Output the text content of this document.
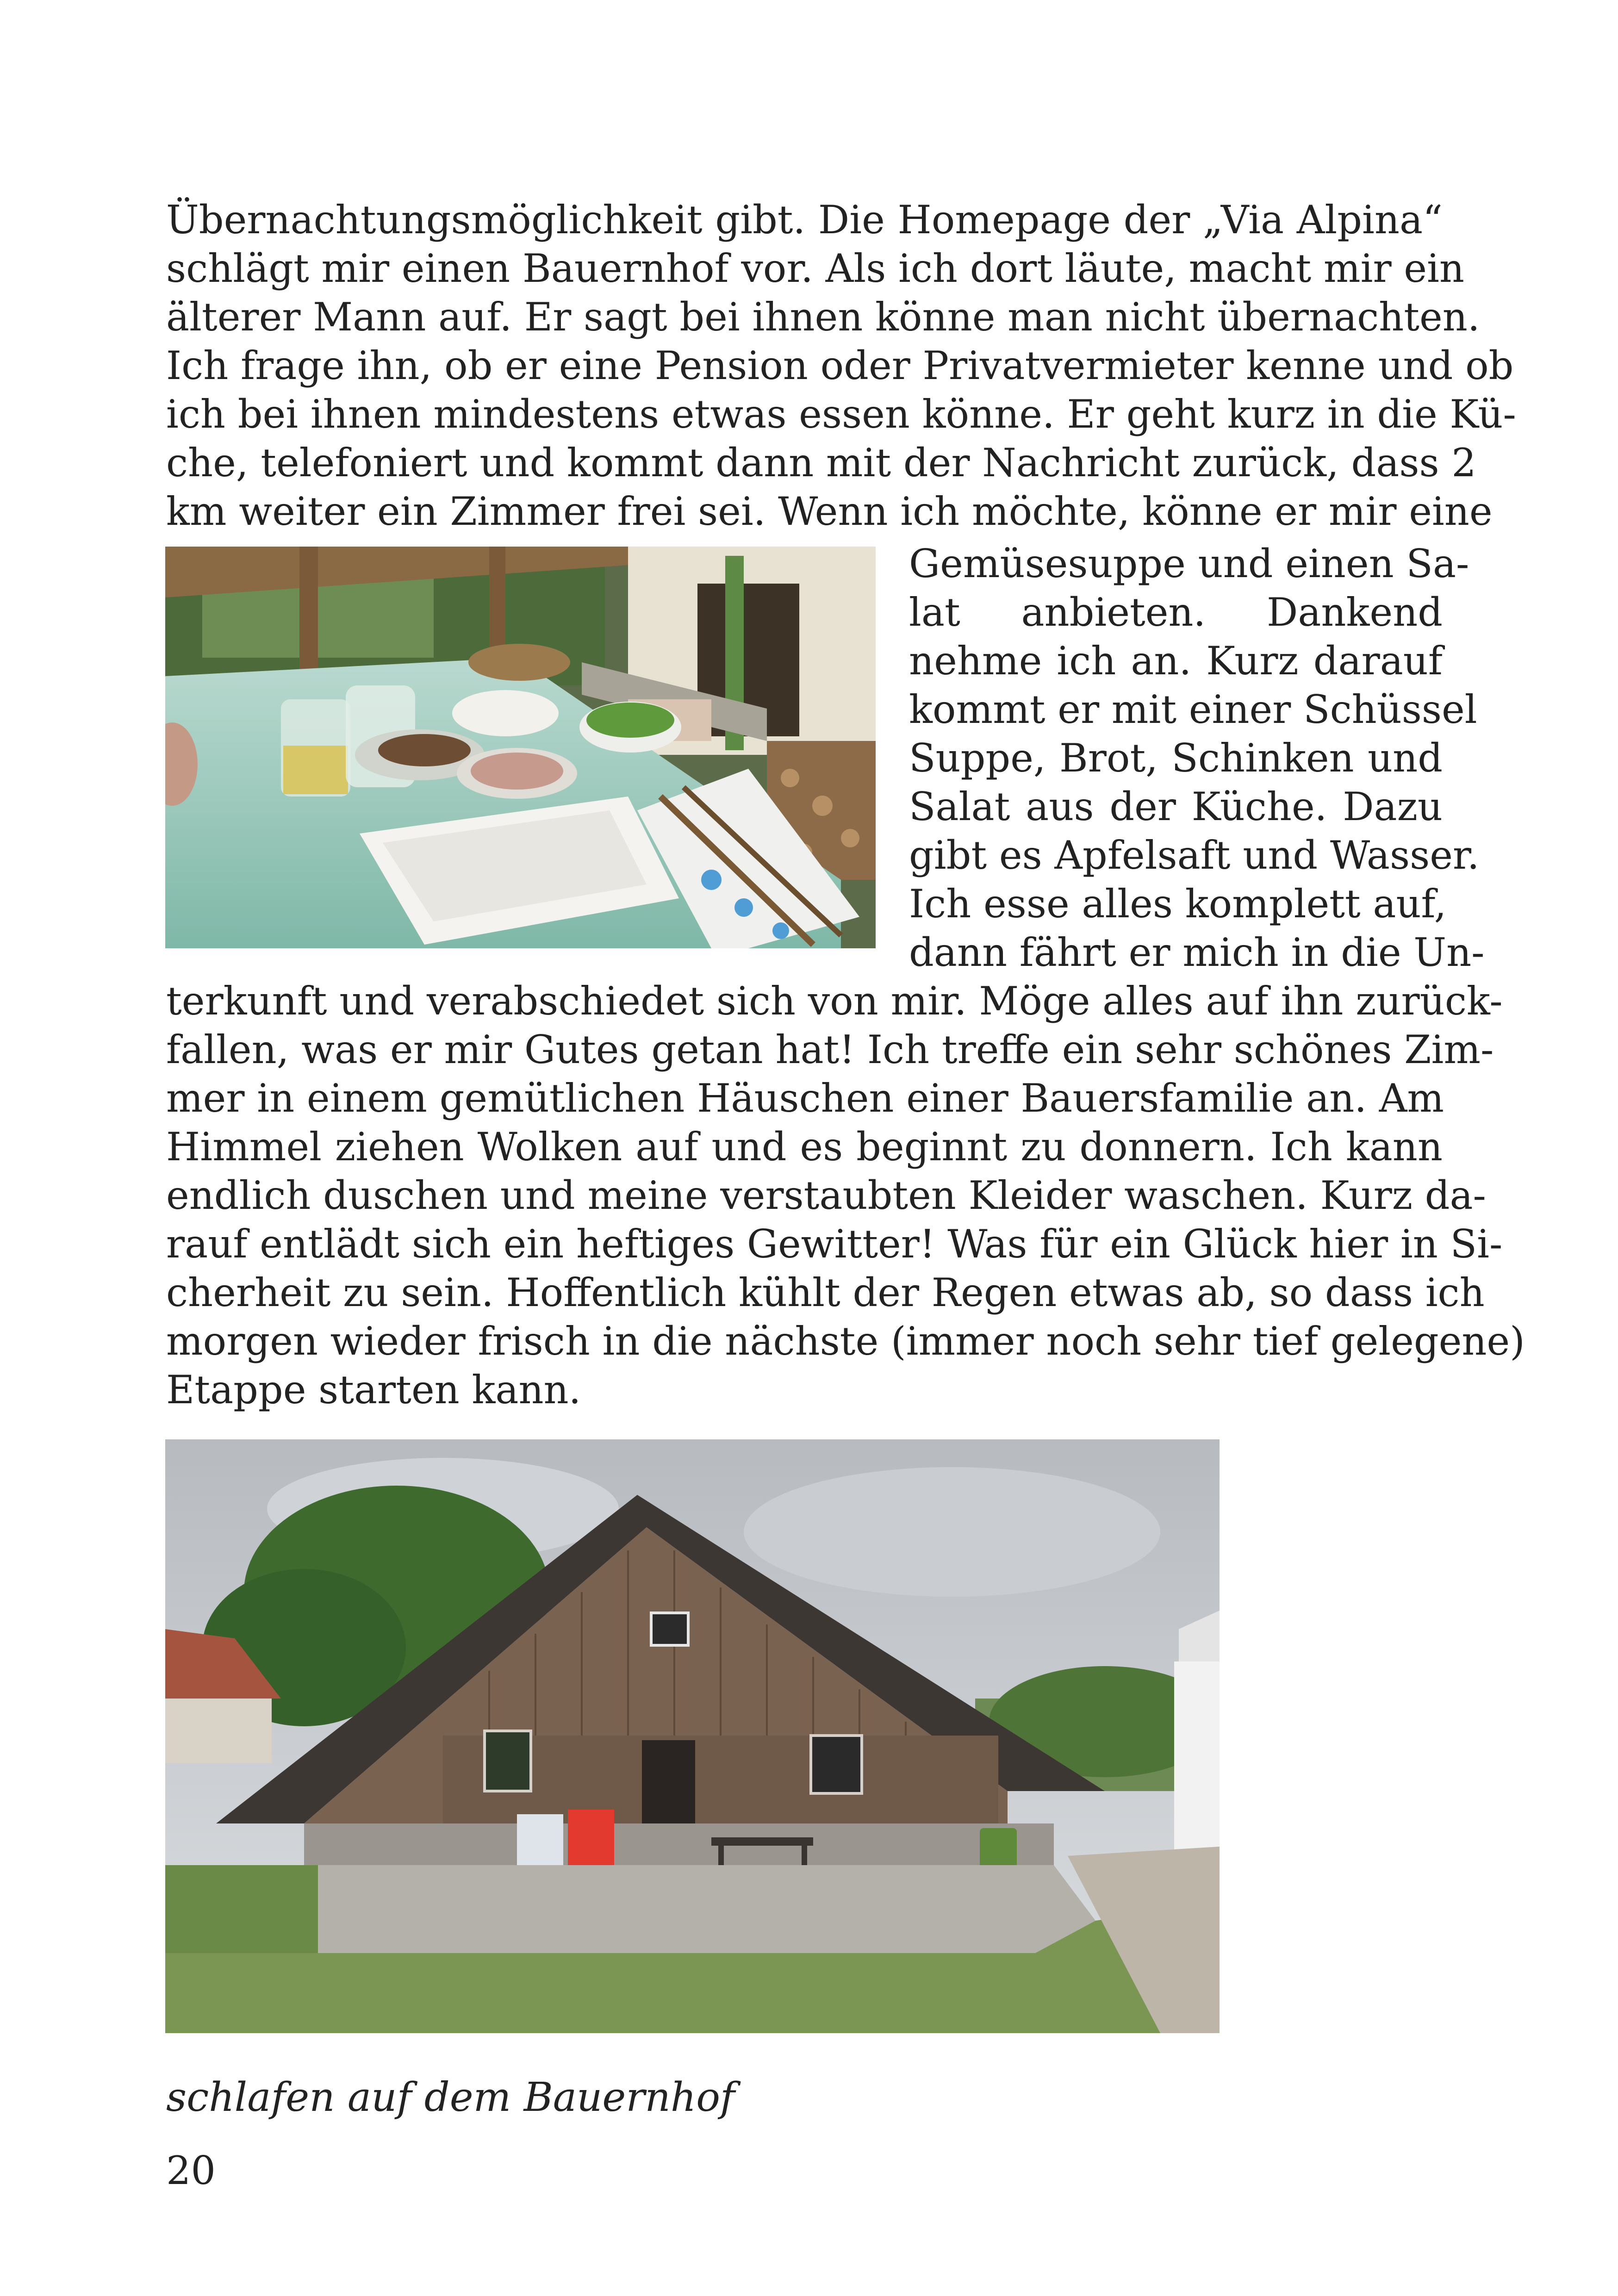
Übernachtungsmöglichkeit gibt. Die Homepage der „Via Alpina“
schlägt mir einen Bauernhof vor. Als ich dort läute, macht mir ein
älterer Mann auf. Er sagt bei ihnen könne man nicht übernachten.
Ich frage ihn, ob er eine Pension oder Privatvermieter kenne und ob
ich bei ihnen mindestens etwas essen könne. Er geht kurz in die Kü-
che, telefoniert und kommt dann mit der Nachricht zurück, dass 2
km weiter ein Zimmer frei sei. Wenn ich möchte, könne er mir eine
Gemüsesuppe und einen Sa-
lat anbieten. Dankend
nehme ich an. Kurz darauf
kommt er mit einer Schüssel
Suppe, Brot, Schinken und
Salat aus der Küche. Dazu
gibt es Apfelsaft und Wasser.
Ich esse alles komplett auf,
dann fährt er mich in die Un-
terkunft und verabschiedet sich von mir. Möge alles auf ihn zurück-
fallen, was er mir Gutes getan hat! Ich treffe ein sehr schönes Zim-
mer in einem gemütlichen Häuschen einer Bauersfamilie an. Am
Himmel ziehen Wolken auf und es beginnt zu donnern. Ich kann
endlich duschen und meine verstaubten Kleider waschen. Kurz da-
rauf entlädt sich ein heftiges Gewitter! Was für ein Glück hier in Si-
cherheit zu sein. Hoffentlich kühlt der Regen etwas ab, so dass ich
morgen wieder frisch in die nächste (immer noch sehr tief gelegene)
Etappe starten kann.
schlafen auf dem Bauernhof
20
